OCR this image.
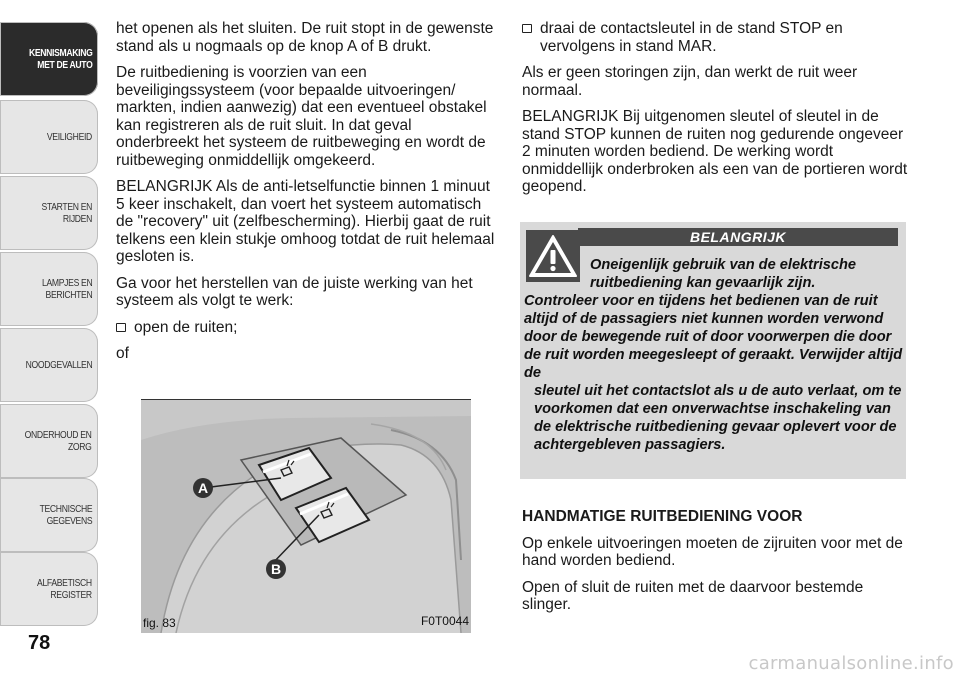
KENNISMAKING
MET DE AUTO
VEILIGHEID
STARTEN EN RIJDEN
LAMPJES EN
BERICHTEN
NOODGEVALLEN
ONDERHOUD EN
ZORG
TECHNISCHE
GEGEVENS
ALFABETISCH
REGISTER
78

het openen als het sluiten. De ruit stopt in de gewenste stand als u nogmaals op de knop A of B drukt.

De ruitbediening is voorzien van een beveiligingssysteem (voor bepaalde uitvoeringen/ markten, indien aanwezig) dat een eventueel obstakel kan registreren als de ruit sluit. In dat geval onderbreekt het systeem de ruitbeweging en wordt de ruitbeweging onmiddellijk omgekeerd.

BELANGRIJK Als de anti-letselfunctie binnen 1 minuut 5 keer inschakelt, dan voert het systeem automatisch de "recovery" uit (zelfbescherming). Hierbij gaat de ruit telkens een klein stukje omhoog totdat de ruit helemaal gesloten is.

Ga voor het herstellen van de juiste werking van het systeem als volgt te werk:

open de ruiten;

of

A
B
fig. 83	F0T0044

draai de contactsleutel in de stand STOP en vervolgens in stand MAR.

Als er geen storingen zijn, dan werkt de ruit weer normaal.

BELANGRIJK Bij uitgenomen sleutel of sleutel in de stand STOP kunnen de ruiten nog gedurende ongeveer 2 minuten worden bediend. De werking wordt onmiddellijk onderbroken als een van de portieren wordt geopend.

BELANGRIJK
Oneigenlijk gebruik van de elektrische
ruitbediening kan gevaarlijk zijn.
Controleer voor en tijdens het bedienen van de ruit altijd of de passagiers niet kunnen worden verwond door de bewegende ruit of door voorwerpen die door de ruit worden meegesleept of geraakt. Verwijder altijd de
sleutel uit het contactslot als u de auto verlaat, om te voorkomen dat een onverwachtse inschakeling van de elektrische ruitbediening gevaar oplevert voor de achtergebleven passagiers.

HANDMATIGE RUITBEDIENING VOOR

Op enkele uitvoeringen moeten de zijruiten voor met de hand worden bediend.

Open of sluit de ruiten met de daarvoor bestemde slinger.

carmanualsonline.info
